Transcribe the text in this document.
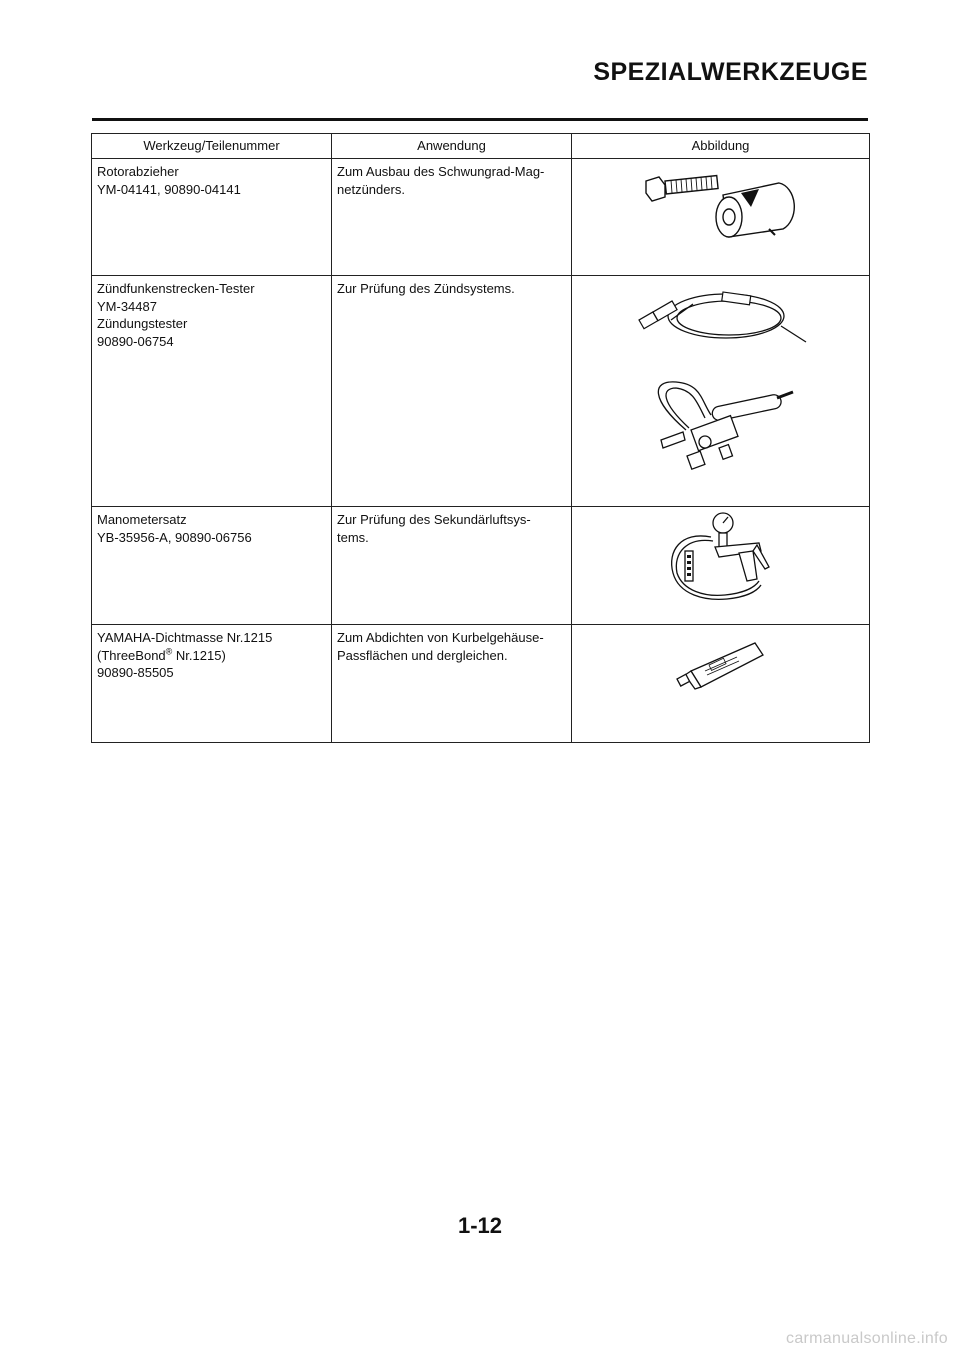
SPEZIALWERKZEUGE
Werkzeug/Teilenummer	Anwendung	Abbildung

Rotorabzieher
YM-04141, 90890-04141	Zum Ausbau des Schwungrad-Mag-
netzünders.

Zündfunkenstrecken-Tester
YM-34487
Zündungstester
90890-06754	Zur Prüfung des Zündsystems.

Manometersatz
YB-35956-A, 90890-06756	Zur Prüfung des Sekundärluftsys-
tems.

YAMAHA-Dichtmasse Nr.1215
(ThreeBond® Nr.1215)
90890-85505	Zum Abdichten von Kurbelgehäuse-
Passflächen und dergleichen.

1-12
carmanualsonline.info
